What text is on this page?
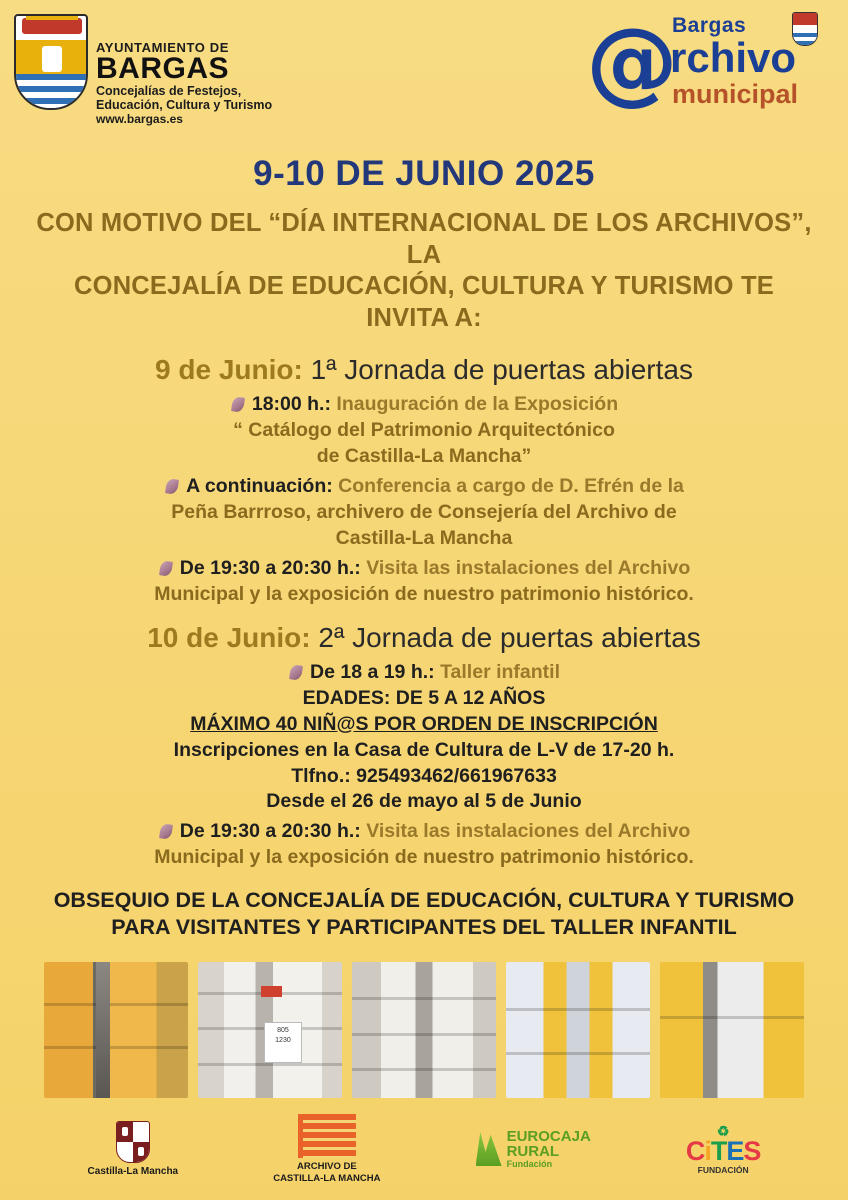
AYUNTAMIENTO DE
BARGAS
Concejalías de Festejos,
Educación, Cultura y Turismo
www.bargas.es
@
Bargas
rchivo
municipal
9-10 DE JUNIO 2025
CON MOTIVO DEL “DÍA INTERNACIONAL DE LOS ARCHIVOS”, LA
CONCEJALÍA DE EDUCACIÓN, CULTURA Y TURISMO TE INVITA A:
9 de Junio: 1ª Jornada de puertas abiertas
18:00 h.: Inauguración de la Exposición
“ Catálogo del Patrimonio Arquitectónico
de Castilla-La Mancha”
A continuación: Conferencia a cargo de D. Efrén de la
Peña Barrroso, archivero de Consejería del Archivo de
Castilla-La Mancha
De 19:30 a 20:30 h.: Visita las instalaciones del Archivo
Municipal y la exposición de nuestro patrimonio histórico.
10 de Junio: 2ª Jornada de puertas abiertas
De 18 a 19 h.: Taller infantil
EDADES: DE 5 A 12 AÑOS
MÁXIMO 40 NIÑ@S POR ORDEN DE INSCRIPCIÓN
Inscripciones en la Casa de Cultura de L-V de 17-20 h.
Tlfno.: 925493462/661967633
Desde el 26 de mayo al 5 de Junio
De 19:30 a 20:30 h.: Visita las instalaciones del Archivo
Municipal y la exposición de nuestro patrimonio histórico.
OBSEQUIO DE LA CONCEJALÍA DE EDUCACIÓN, CULTURA Y TURISMO
PARA VISITANTES Y PARTICIPANTES DEL TALLER INFANTIL
805
1230
Castilla-La Mancha	ARCHIVO DE
CASTILLA-LA MANCHA
EUROCAJA
RURAL
Fundación
♻
CiTES
FUNDACIÓN
